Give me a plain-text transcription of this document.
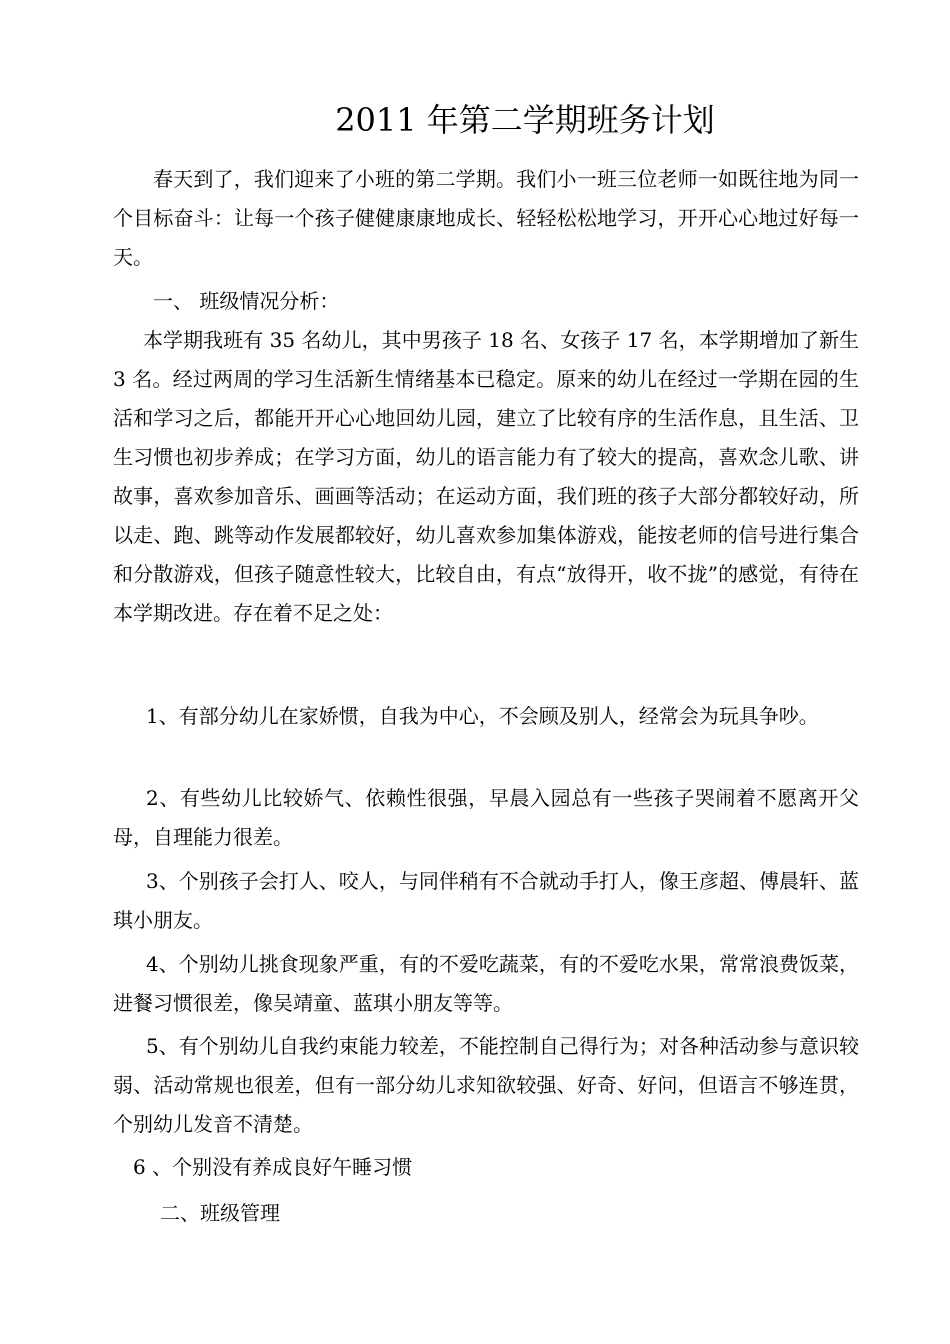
2011 年第二学期班务计划

春天到了，我们迎来了小班的第二学期。我们小一班三位老师一如既往地为同一个目标奋斗：让每一个孩子健健康康地成长、轻轻松松地学习，开开心心地过好每一天。

一、 班级情况分析：

本学期我班有 35 名幼儿，其中男孩子 18 名、女孩子 17 名，本学期增加了新生 3 名。经过两周的学习生活新生情绪基本已稳定。原来的幼儿在经过一学期在园的生活和学习之后，都能开开心心地回幼儿园，建立了比较有序的生活作息，且生活、卫生习惯也初步养成；在学习方面，幼儿的语言能力有了较大的提高，喜欢念儿歌、讲故事，喜欢参加音乐、画画等活动；在运动方面，我们班的孩子大部分都较好动，所以走、跑、跳等动作发展都较好，幼儿喜欢参加集体游戏，能按老师的信号进行集合和分散游戏，但孩子随意性较大，比较自由，有点“放得开，收不拢”的感觉，有待在本学期改进。存在着不足之处：

1、有部分幼儿在家娇惯，自我为中心，不会顾及别人，经常会为玩具争吵。

2、有些幼儿比较娇气、依赖性很强，早晨入园总有一些孩子哭闹着不愿离开父母，自理能力很差。

3、个别孩子会打人、咬人，与同伴稍有不合就动手打人，像王彦超、傅晨轩、蓝琪小朋友。

4、个别幼儿挑食现象严重，有的不爱吃蔬菜，有的不爱吃水果，常常浪费饭菜，进餐习惯很差，像吴靖童、蓝琪小朋友等等。

5、有个别幼儿自我约束能力较差，不能控制自己得行为；对各种活动参与意识较弱、活动常规也很差，但有一部分幼儿求知欲较强、好奇、好问，但语言不够连贯，个别幼儿发音不清楚。

6 、个别没有养成良好午睡习惯

二、班级管理
